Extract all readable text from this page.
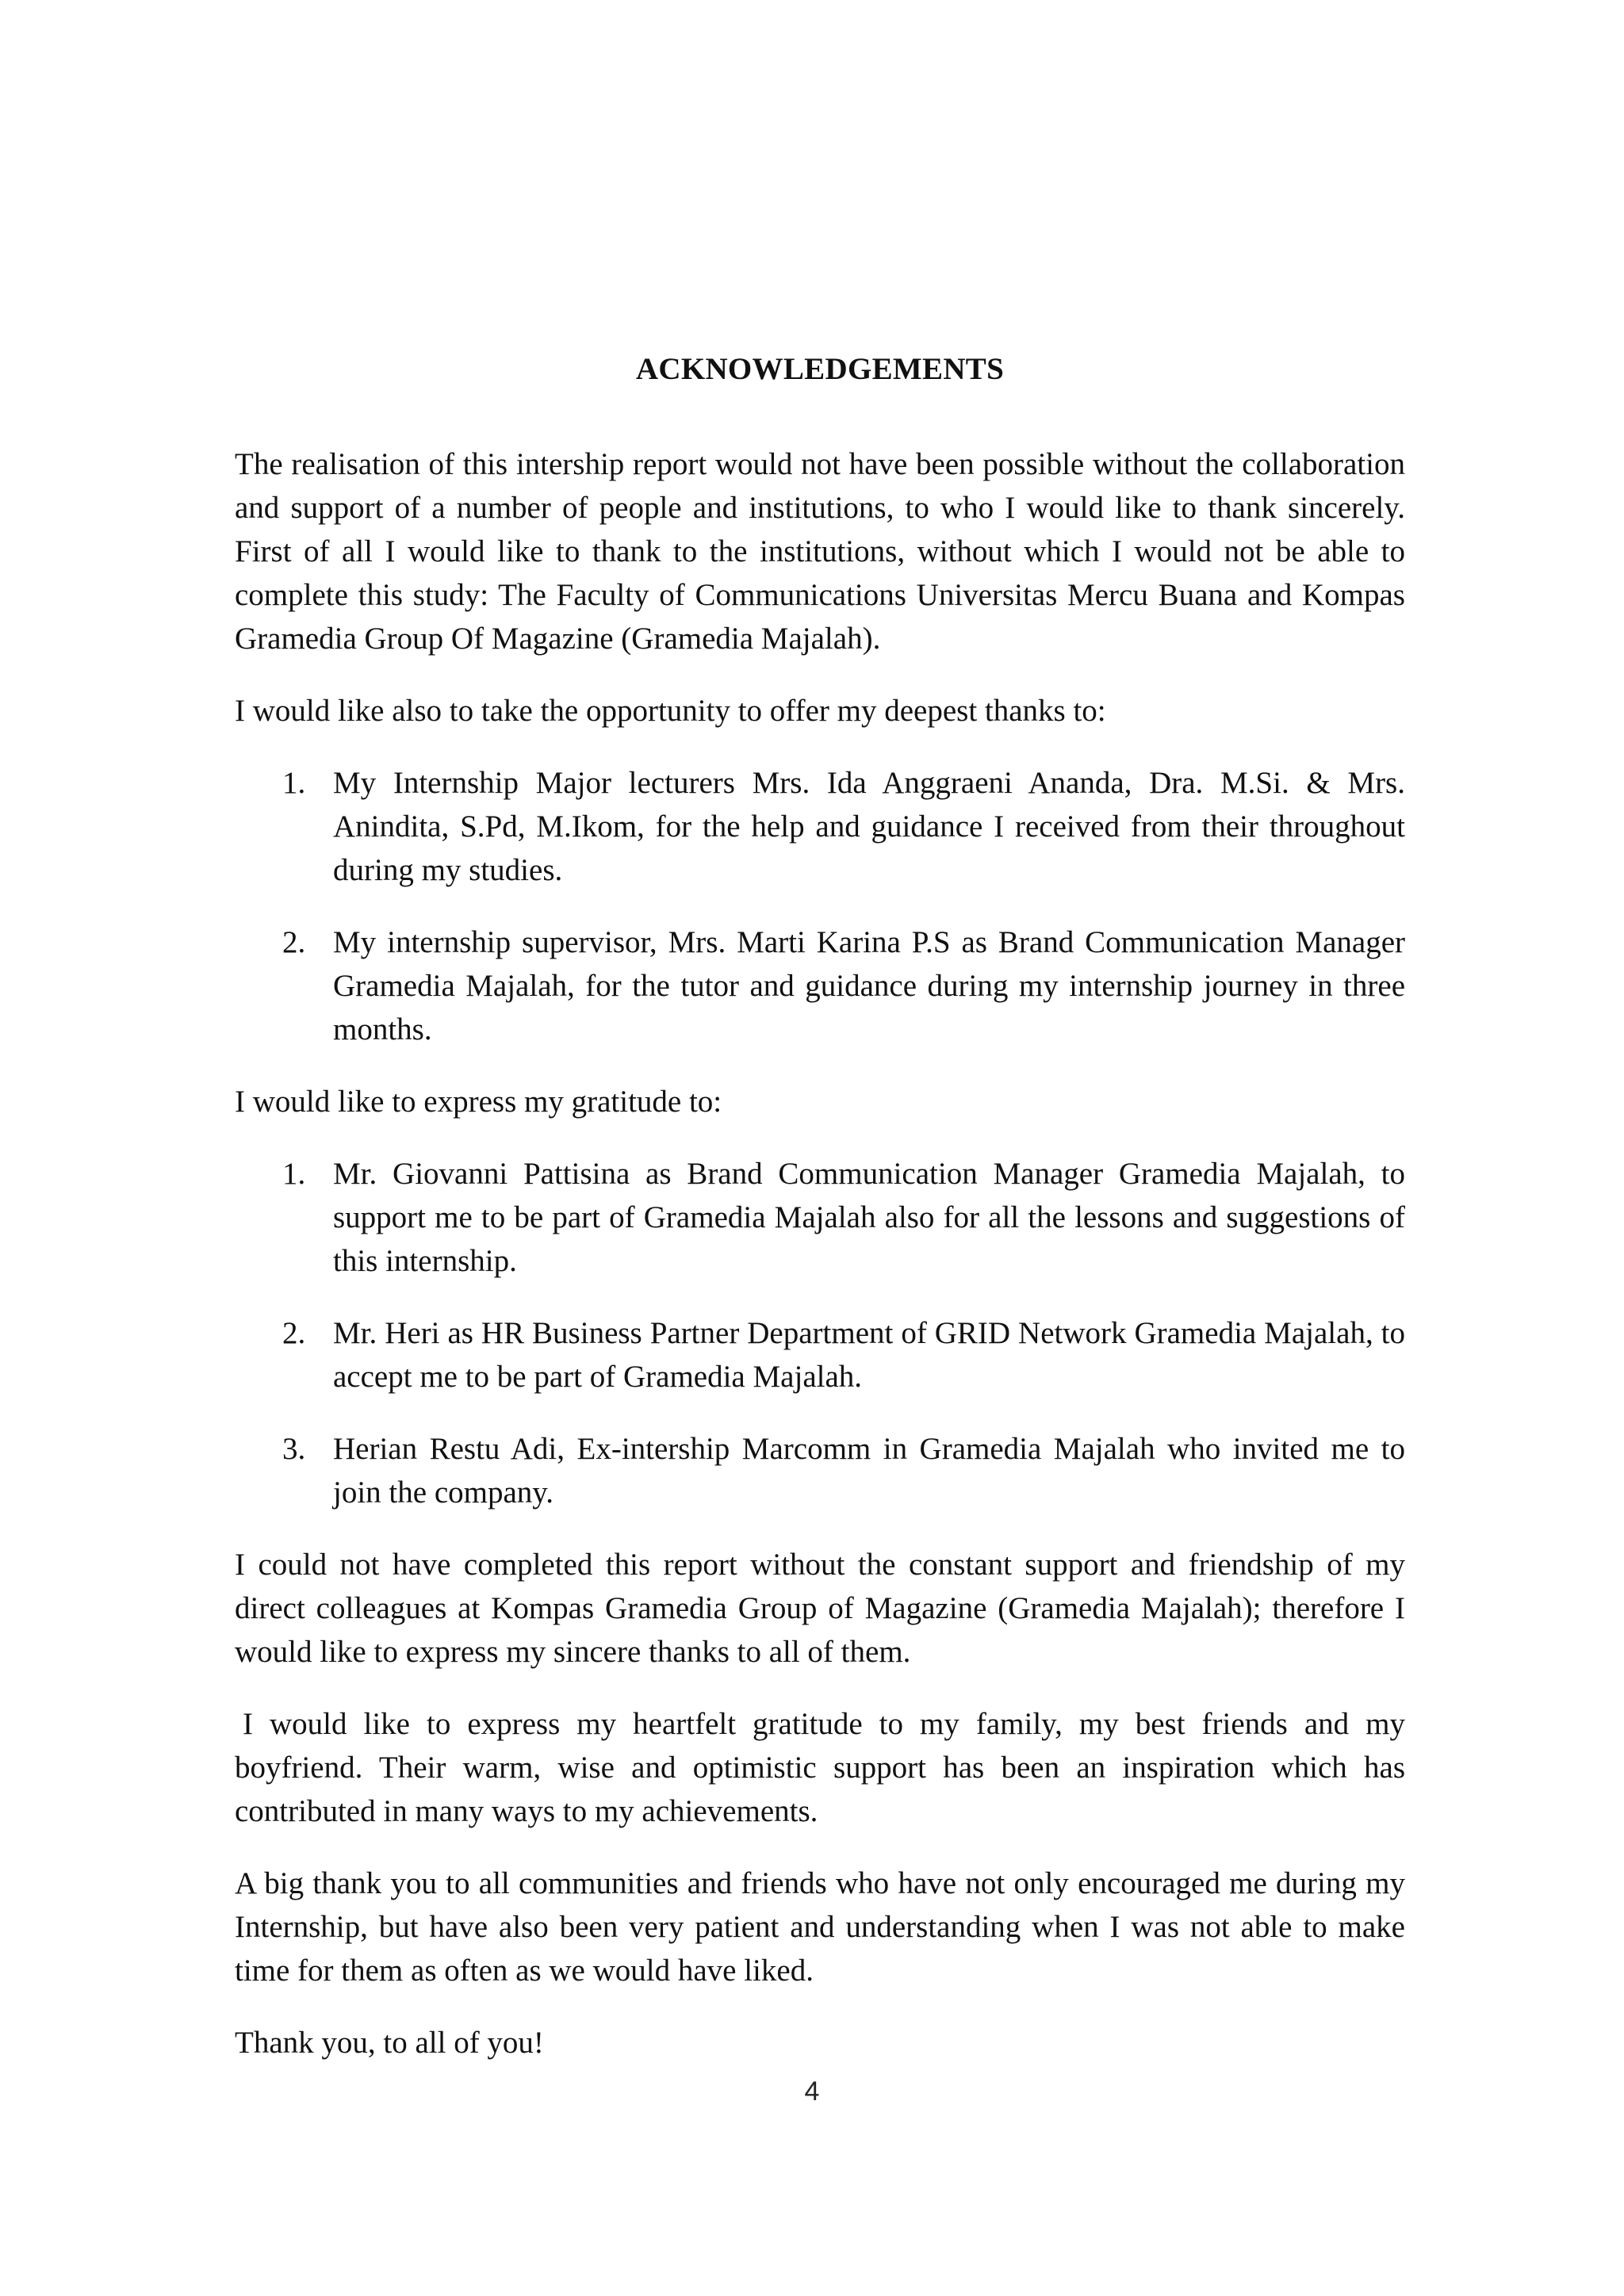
ACKNOWLEDGEMENTS

The realisation of this intership report would not have been possible without the collaboration and support of a number of people and institutions, to who I would like to thank sincerely. First of all I would like to thank to the institutions, without which I would not be able to complete this study: The Faculty of Communications Universitas Mercu Buana and Kompas Gramedia Group Of Magazine (Gramedia Majalah).

I would like also to take the opportunity to offer my deepest thanks to:

1. My Internship Major lecturers Mrs. Ida Anggraeni Ananda, Dra. M.Si. & Mrs. Anindita, S.Pd, M.Ikom, for the help and guidance I received from their throughout during my studies.
2. My internship supervisor, Mrs. Marti Karina P.S as Brand Communication Manager Gramedia Majalah, for the tutor and guidance during my internship journey in three months.

I would like to express my gratitude to:

1. Mr. Giovanni Pattisina as Brand Communication Manager Gramedia Majalah, to support me to be part of Gramedia Majalah also for all the lessons and suggestions of this internship.
2. Mr. Heri as HR Business Partner Department of GRID Network Gramedia Majalah, to accept me to be part of Gramedia Majalah.
3. Herian Restu Adi, Ex-intership Marcomm in Gramedia Majalah who invited me to join the company.

I could not have completed this report without the constant support and friendship of my direct colleagues at Kompas Gramedia Group of Magazine (Gramedia Majalah); therefore I would like to express my sincere thanks to all of them.

I would like to express my heartfelt gratitude to my family, my best friends and my boyfriend. Their warm, wise and optimistic support has been an inspiration which has contributed in many ways to my achievements.

A big thank you to all communities and friends who have not only encouraged me during my Internship, but have also been very patient and understanding when I was not able to make time for them as often as we would have liked.

Thank you, to all of you!

4
